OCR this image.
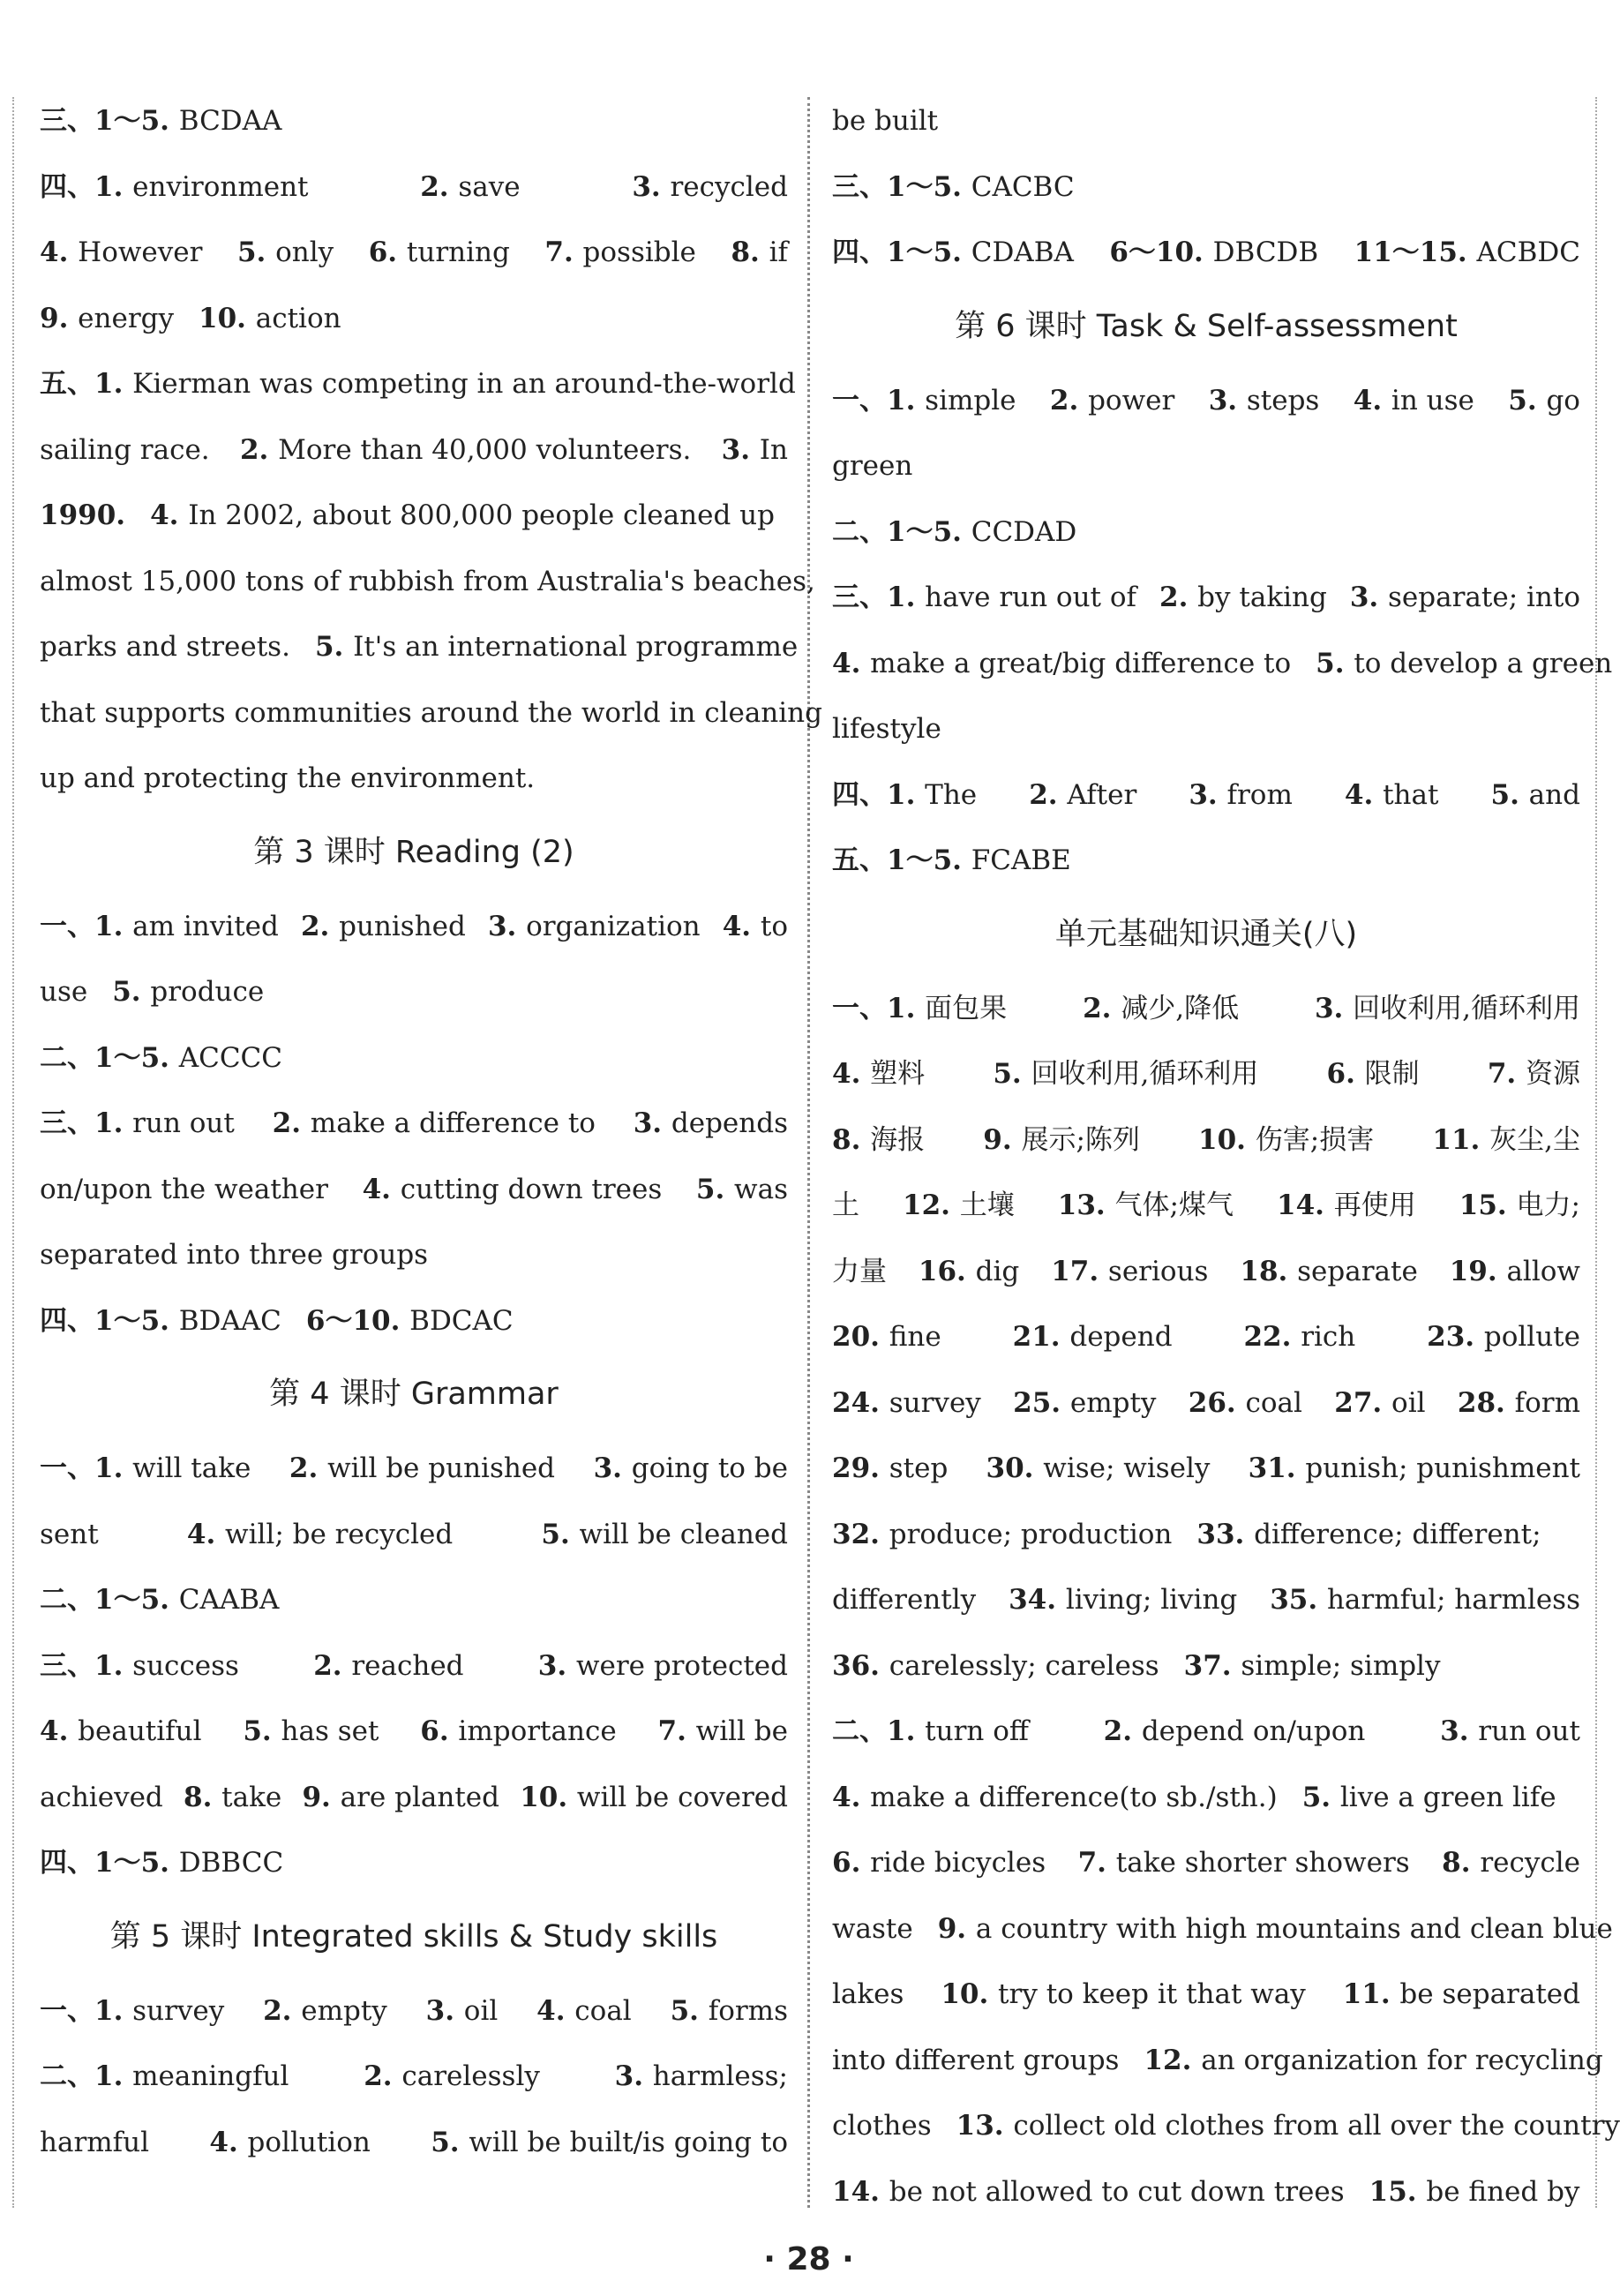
三、1～5. BCDAA
四、1. environment	2. save	3. recycled
4. However 5. only 6. turning 7. possible 8. if
9. energy 10. action
五、1. Kierman was competing in an around-the-world
sailing race. 2. More than 40,000 volunteers. 3. In
1990. 4. In 2002, about 800,000 people cleaned up
almost 15,000 tons of rubbish from Australia's beaches,
parks and streets. 5. It's an international programme
that supports communities around the world in cleaning
up and protecting the environment.
第 3 课时 Reading (2)
一、1. am invited 2. punished 3. organization 4. to
use 5. produce
二、1～5. ACCCC
三、1. run out 2. make a difference to 3. depends
on/upon the weather 4. cutting down trees 5. was
separated into three groups
四、1～5. BDAAC 6～10. BDCAC
第 4 课时 Grammar
一、1. will take 2. will be punished 3. going to be
sent	4. will; be recycled	5. will be cleaned
二、1～5. CAABA
三、1. success	2. reached	3. were protected
4. beautiful 5. has set 6. importance 7. will be
achieved 8. take 9. are planted 10. will be covered
四、1～5. DBBCC
第 5 课时 Integrated skills & Study skills
一、1. survey 2. empty 3. oil 4. coal 5. forms
二、1. meaningful	2. carelessly	3. harmless;
harmful 4. pollution 5. will be built/is going to
be built
三、1～5. CACBC
四、1～5. CDABA 6～10. DBCDB 11～15. ACBDC
第 6 课时 Task & Self-assessment
一、1. simple 2. power 3. steps 4. in use 5. go
green
二、1～5. CCDAD
三、1. have run out of 2. by taking 3. separate; into
4. make a great/big difference to 5. to develop a green
lifestyle
四、1. The 2. After 3. from 4. that 5. and
五、1～5. FCABE
单元基础知识通关(八)
一、1. 面包果	2. 减少,降低	3. 回收利用,循环利用
4. 塑料 5. 回收利用,循环利用 6. 限制 7. 资源
8. 海报 9. 展示;陈列 10. 伤害;损害 11. 灰尘,尘
土 12. 土壤 13. 气体;煤气 14. 再使用 15. 电力;
力量 16. dig 17. serious 18. separate 19. allow
20. fine	21. depend	22. rich	23. pollute
24. survey 25. empty 26. coal 27. oil 28. form
29. step 30. wise; wisely 31. punish; punishment
32. produce; production 33. difference; different;
differently 34. living; living 35. harmful; harmless
36. carelessly; careless 37. simple; simply
二、1. turn off	2. depend on/upon	3. run out
4. make a difference(to sb./sth.) 5. live a green life
6. ride bicycles 7. take shorter showers 8. recycle
waste 9. a country with high mountains and clean blue
lakes 10. try to keep it that way 11. be separated
into different groups 12. an organization for recycling
clothes 13. collect old clothes from all over the country
14. be not allowed to cut down trees 15. be fined by
· 28 ·
